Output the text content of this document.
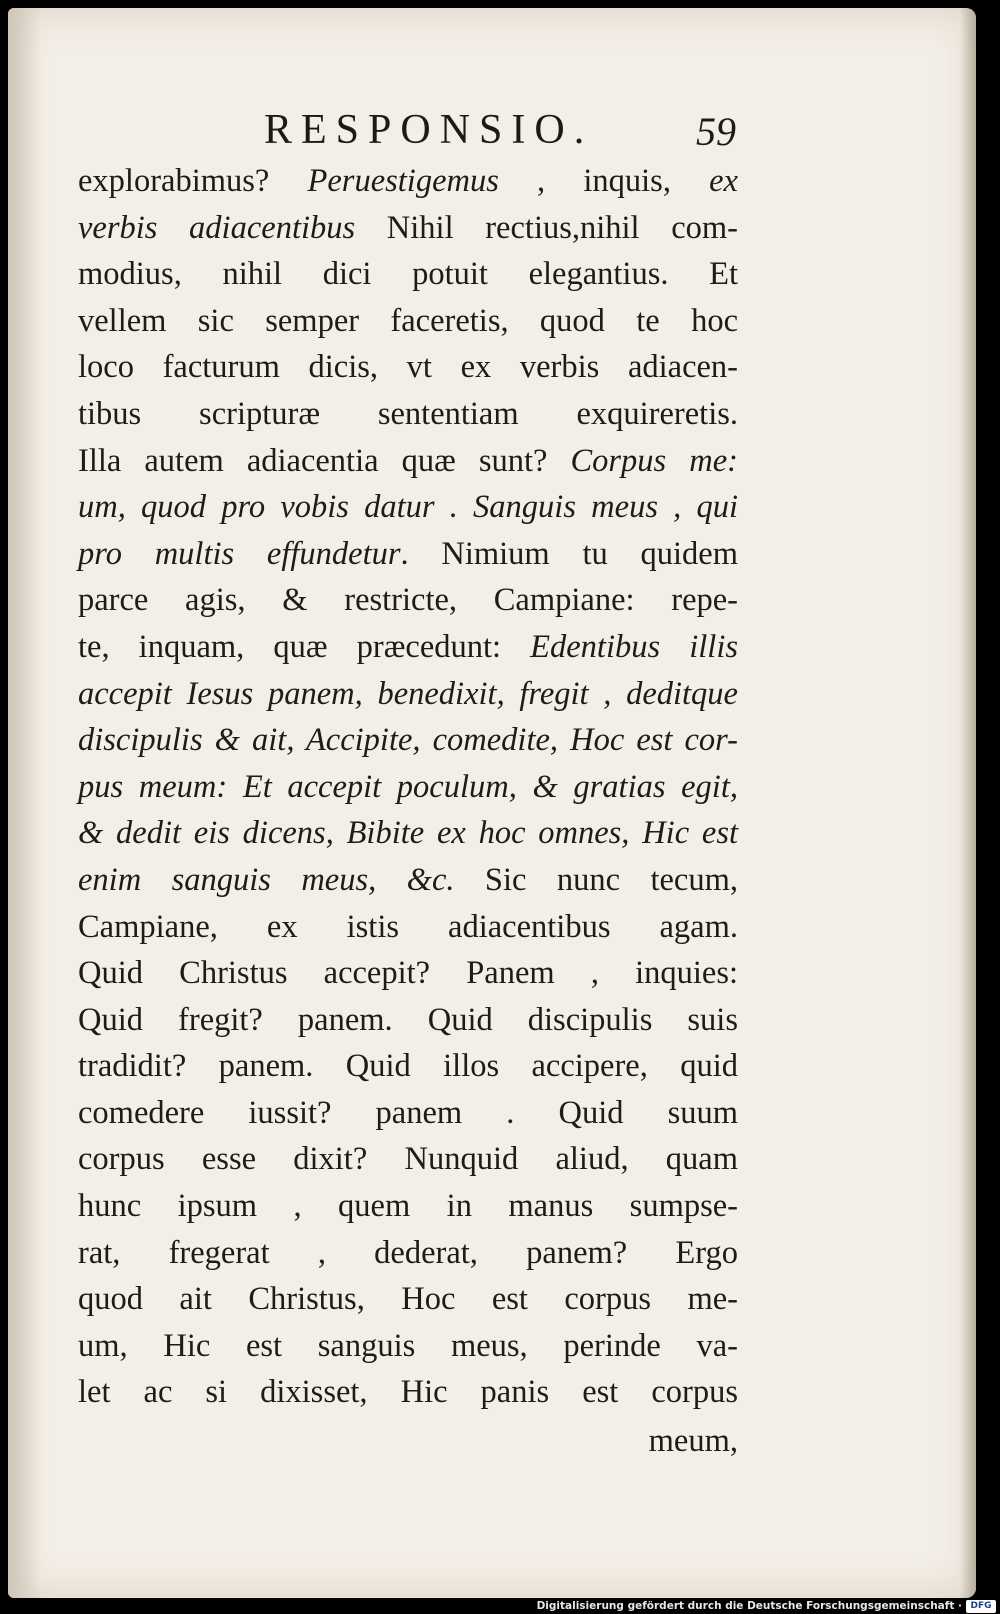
RESPONSIO.	59
explorabimus? Peruestigemus , inquis, ex
verbis adiacentibus Nihil rectius,nihil com-
modius, nihil dici potuit elegantius. Et
vellem sic semper faceretis, quod te hoc
loco facturum dicis, vt ex verbis adiacen-
tibus scripturæ sententiam exquireretis.
Illa autem adiacentia quæ sunt? Corpus me:
um, quod pro vobis datur . Sanguis meus , qui
pro multis effundetur. Nimium tu quidem
parce agis, & restricte, Campiane: repe-
te, inquam, quæ præcedunt: Edentibus illis
accepit Iesus panem, benedixit, fregit , deditque
discipulis & ait, Accipite, comedite, Hoc est cor-
pus meum: Et accepit poculum, & gratias egit,
& dedit eis dicens, Bibite ex hoc omnes, Hic est
enim sanguis meus, &c. Sic nunc tecum,
Campiane, ex istis adiacentibus agam.
Quid Christus accepit? Panem , inquies:
Quid fregit? panem. Quid discipulis suis
tradidit? panem. Quid illos accipere, quid
comedere iussit? panem . Quid suum
corpus esse dixit? Nunquid aliud, quam
hunc ipsum , quem in manus sumpse-
rat, fregerat , dederat, panem? Ergo
quod ait Christus, Hoc est corpus me-
um, Hic est sanguis meus, perinde va-
let ac si dixisset, Hic panis est corpus
meum,
Digitalisierung gefördert durch die Deutsche Forschungsgemeinschaft · DFG
